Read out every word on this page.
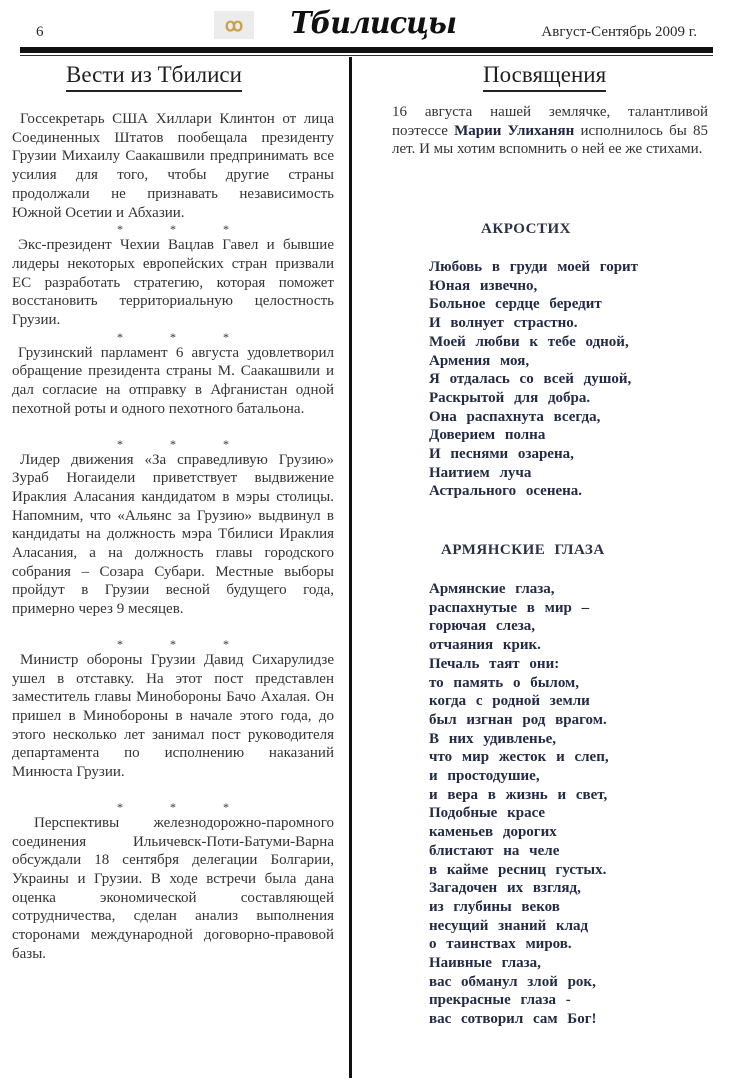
6	ꝏ Тбилисцы	Август-Сентябрь 2009 г.
Вести из Тбилиси	Посвящения

Госсекретарь США Хиллари Клинтон от лица Соединенных Штатов пообещала президенту Грузии Михаилу Саакашвили предпринимать все усилия для того, чтобы другие страны продолжали не признавать независимость Южной Осетии и Абхазии.

* * *

Экс-президент Чехии Вацлав Гавел и бывшие лидеры некоторых европейских стран призвали ЕС разработать стратегию, которая поможет восстановить территориальную целостность Грузии.

* * *

Грузинский парламент 6 августа удовлетворил обращение президента страны М. Саакашвили и дал согласие на отправку в Афганистан одной пехотной роты и одного пехотного батальона.

* * *

Лидер движения «За справедливую Грузию» Зураб Ногаидели приветствует выдвижение Ираклия Аласания кандидатом в мэры столицы. Напомним, что «Альянс за Грузию» выдвинул в кандидаты на должность мэра Тбилиси Ираклия Аласания, а на должность главы городского собрания – Созара Субари. Местные выборы пройдут в Грузии весной будущего года, примерно через 9 месяцев.

* * *

Министр обороны Грузии Давид Сихарулидзе ушел в отставку. На этот пост представлен заместитель главы Минобороны Бачо Ахалая. Он пришел в Минобороны в начале этого года, до этого несколько лет занимал пост руководителя департамента по исполнению наказаний Минюста Грузии.

* * *

Перспективы железнодорожно-паромного соединения Ильичевск-Поти-Батуми-Варна обсуждали 18 сентября делегации Болгарии, Украины и Грузии. В ходе встречи была дана оценка экономической составляющей сотрудничества, сделан анализ выполнения сторонами международной договорно-правовой базы.

16 августа нашей землячке, талантливой поэтессе Марии Улиханян исполнилось бы 85 лет. И мы хотим вспомнить о ней ее же стихами.
АКРОСТИХ
Любовь в груди моей горит
Юная извечно,
Больное сердце бередит
И волнует страстно.
Моей любви к тебе одной,
Армения моя,
Я отдалась со всей душой,
Раскрытой для добра.
Она распахнута всегда,
Доверием полна
И песнями озарена,
Наитием луча
Астрального осенена.
АРМЯНСКИЕ ГЛАЗА
Армянские глаза,
распахнутые в мир –
горючая слеза,
отчаяния крик.
Печаль таят они:
то память о былом,
когда с родной земли
был изгнан род врагом.
В них удивленье,
что мир жесток и слеп,
и простодушие,
и вера в жизнь и свет,
Подобные красе
каменьев дорогих
блистают на челе
в кайме ресниц густых.
Загадочен их взгляд,
из глубины веков
несущий знаний клад
о таинствах миров.
Наивные глаза,
вас обманул злой рок,
прекрасные глаза -
вас сотворил сам Бог!
